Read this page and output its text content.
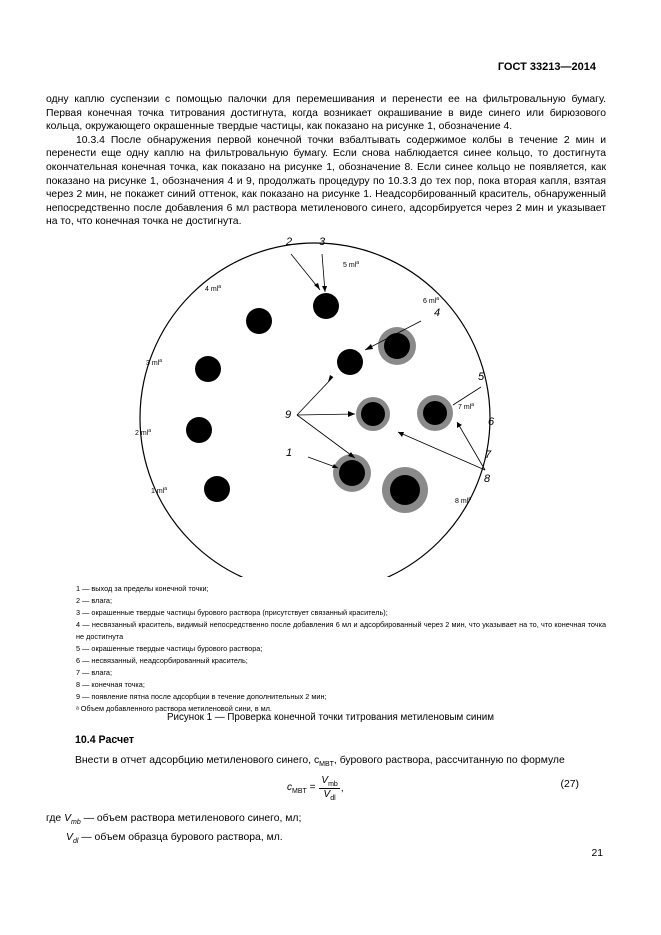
ГОСТ 33213—2014

одну каплю суспензии с помощью палочки для перемешивания и перенести ее на фильтровальную бумагу. Первая конечная точка титрования достигнута, когда возникает окрашивание в виде синего или бирюзового кольца, окружающего окрашенные твердые частицы, как показано на рисунке 1, обозначение 4.

10.3.4 После обнаружения первой конечной точки взбалтывать содержимое колбы в течение 2 мин и перенести еще одну каплю на фильтровальную бумагу. Если снова наблюдается синее кольцо, то достигнута окончательная конечная точка, как показано на рисунке 1, обозначение 8. Если синее кольцо не появляется, как показано на рисунке 1, обозначения 4 и 9, продолжать процедуру по 10.3.3 до тех пор, пока вторая капля, взятая через 2 мин, не покажет синий оттенок, как показано на рисунке 1. Неадсорбированный краситель, обнаруженный непосредственно после добавления 6 мл раствора метиленового синего, адсорбируется через 2 мин и указывает на то, что конечная точка не достигнута.

1 $ml^a$
2 $ml^a$
3 $ml^a$
4 $ml^a$
5 $ml^a$
6 $ml^a$
7 $ml^a$
8 $ml^a$
1
2 3
4
5
6
7
8
9

1 — выход за пределы конечной точки;

2 — влага;

3 — окрашенные твердые частицы бурового раствора (присутствует связанный краситель);

4 — несвязанный краситель, видимый непосредственно после добавления 6 мл и адсорбированный через 2 мин, что указывает на то, что конечная точка не достигнута

5 — окрашенные твердые частицы бурового раствора;

6 — несвязанный, неадсорбированный краситель;

7 — влага;

8 — конечная точка;

9 — появление пятна после адсорбции в течение дополнительных 2 мин;

ᵃ Объем добавленного раствора метиленовой сини, в мл.

Рисунок 1 — Проверка конечной точки титрования метиленовым синим
10.4 Расчет
Внести в отчет адсорбцию метиленового синего, $c_{MBT}$, бурового раствора, рассчитанную по формуле
$c_{MBT}$ =	$V_{mb}$	,
$V_{dl}$
(27)
где $V_{mb}$ — объем раствора метиленового синего, мл;
$V_{dl}$ — объем образца бурового раствора, мл.
21
